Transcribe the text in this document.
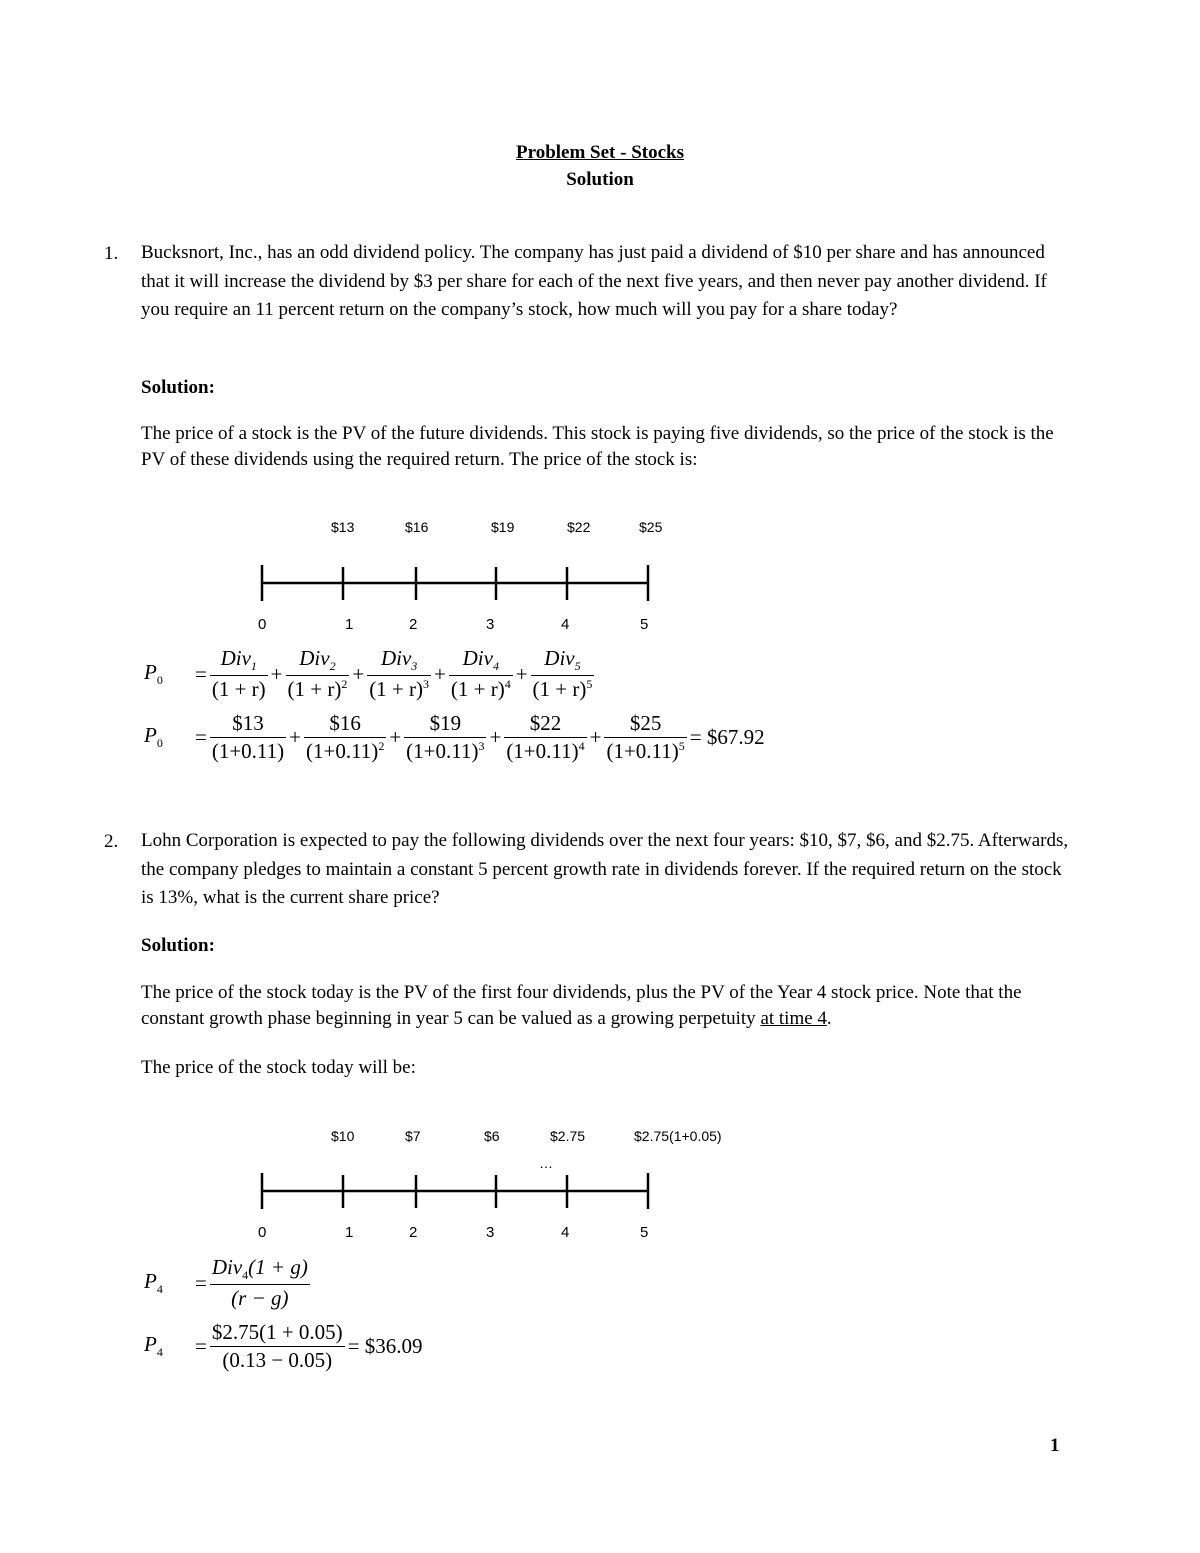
Problem Set - Stocks
Solution
1. Bucksnort, Inc., has an odd dividend policy. The company has just paid a dividend of $10 per share and has announced that it will increase the dividend by $3 per share for each of the next five years, and then never pay another dividend. If you require an 11 percent return on the company’s stock, how much will you pay for a share today?
Solution:
The price of a stock is the PV of the future dividends. This stock is paying five dividends, so the price of the stock is the PV of these dividends using the required return. The price of the stock is:
$13	$16	$19	$22	$25
0	1	2	3	4	5
$P_0 = \frac{Div_1}{(1 + r)} + \frac{Div_2}{(1 + r)^2} + \frac{Div_3}{(1 + r)^3} + \frac{Div_4}{(1 + r)^4} + \frac{Div_5}{(1 + r)^5}$
$P_0 = \frac{\$13}{(1+0.11)} + \frac{\$16}{(1+0.11)^2} + \frac{\$19}{(1+0.11)^3} + \frac{\$22}{(1+0.11)^4} + \frac{\$25}{(1+0.11)^5}$ = $67.92
2. Lohn Corporation is expected to pay the following dividends over the next four years: $10, $7, $6, and $2.75. Afterwards, the company pledges to maintain a constant 5 percent growth rate in dividends forever. If the required return on the stock is 13%, what is the current share price?
Solution:
The price of the stock today is the PV of the first four dividends, plus the PV of the Year 4 stock price. Note that the constant growth phase beginning in year 5 can be valued as a growing perpetuity at time 4.
The price of the stock today will be:
$10	$7	$6	$2.75	$2.75(1+0.05)
…
0	1	2	3	4	5
$P_4 = \frac{Div_4(1 + g)}{(r - g)}$
$P_4 = \frac{\$2.75(1 + 0.05)}{(0.13 - 0.05)}$ = $36.09
1
